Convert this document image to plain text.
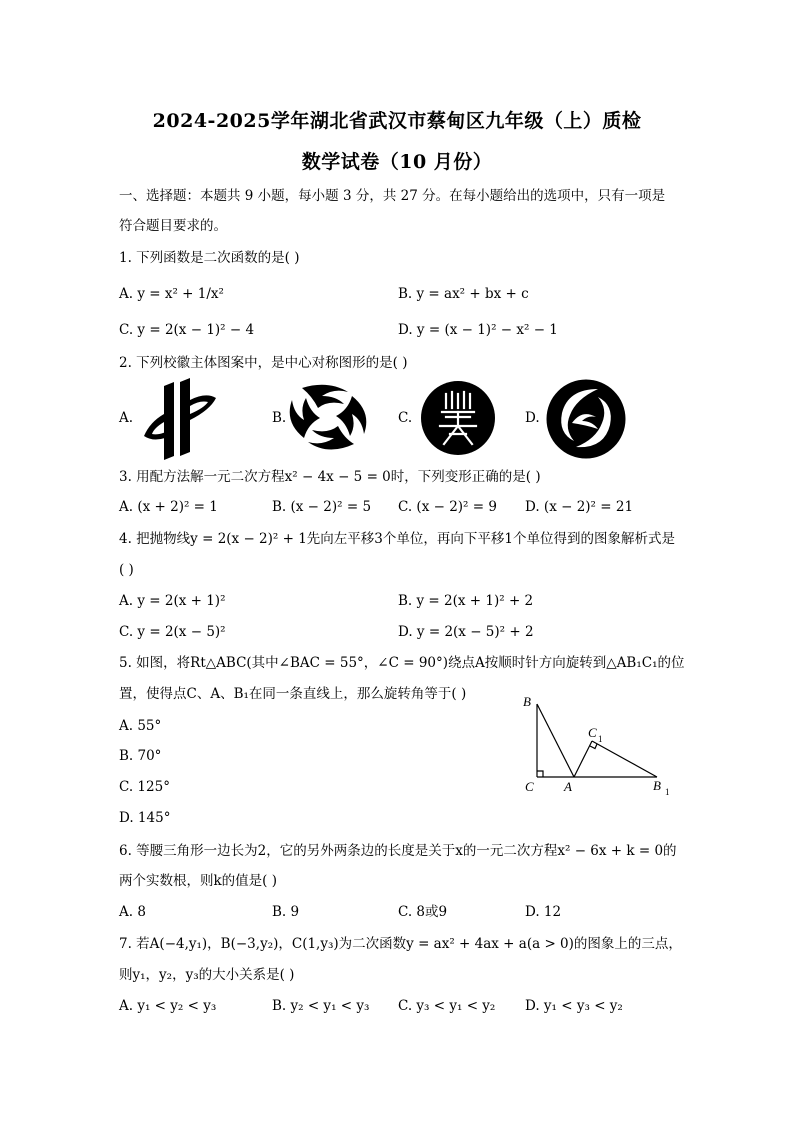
2024-2025学年湖北省武汉市蔡甸区九年级（上）质检
数学试卷（10 月份）
一、选择题：本题共 9 小题，每小题 3 分，共 27 分。在每小题给出的选项中，只有一项是
符合题目要求的。
1. 下列函数是二次函数的是( )
A. y = x² + 1/x²	B. y = ax² + bx + c
C. y = 2(x − 1)² − 4	D. y = (x − 1)² − x² − 1
2. 下列校徽主体图案中，是中心对称图形的是( )
A.	B.	C.	D.
3. 用配方法解一元二次方程x² − 4x − 5 = 0时，下列变形正确的是( )
A. (x + 2)² = 1	B. (x − 2)² = 5 C. (x − 2)² = 9 D. (x − 2)² = 21
4. 把抛物线y = 2(x − 2)² + 1先向左平移3个单位，再向下平移1个单位得到的图象解析式是
( )
A. y = 2(x + 1)²	B. y = 2(x + 1)² + 2
C. y = 2(x − 5)²	D. y = 2(x − 5)² + 2
5. 如图，将Rt△ABC(其中∠BAC = 55°，∠C = 90°)绕点A按顺时针方向旋转到△AB₁C₁的位
置，使得点C、A、B₁在同一条直线上，那么旋转角等于( )
A. 55°
B. 70°
C. 125°
D. 145°
B
C 1
C A	B 1
6. 等腰三角形一边长为2，它的另外两条边的长度是关于x的一元二次方程x² − 6x + k = 0的
两个实数根，则k的值是( )
A. 8	B. 9	C. 8或9	D. 12
7. 若A(−4,y₁)，B(−3,y₂)，C(1,y₃)为二次函数y = ax² + 4ax + a(a > 0)的图象上的三点，
则y₁，y₂，y₃的大小关系是( )
A. y₁ < y₂ < y₃	B. y₂ < y₁ < y₃ C. y₃ < y₁ < y₂ D. y₁ < y₃ < y₂
